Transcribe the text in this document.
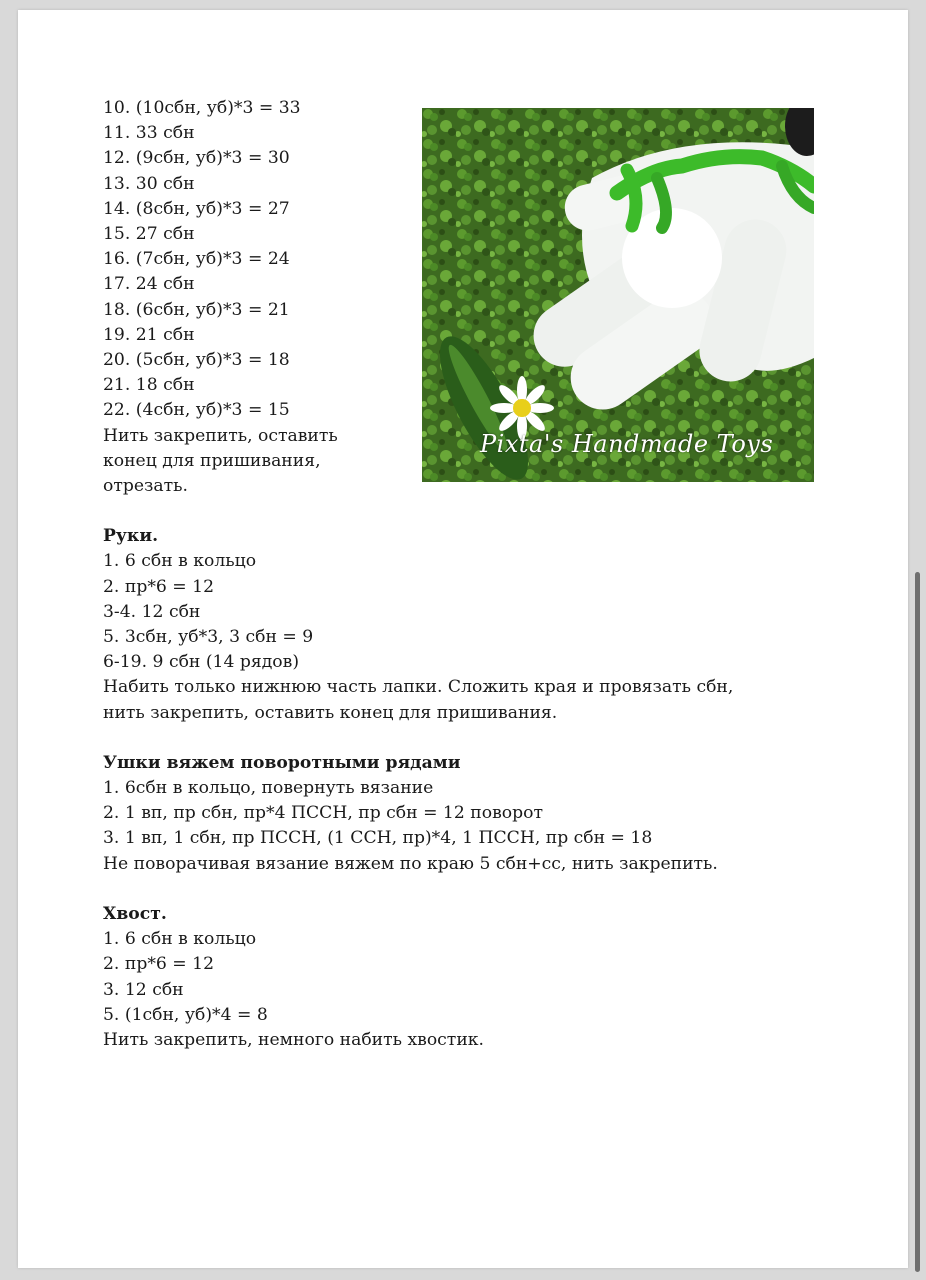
10. (10сбн, уб)*3 = 33
11. 33 сбн
12. (9сбн, уб)*3 = 30
13. 30 сбн
14. (8сбн, уб)*3 = 27
15. 27 сбн
16. (7сбн, уб)*3 = 24
17. 24 сбн
18. (6сбн, уб)*3 = 21
19. 21 сбн
20. (5сбн, уб)*3 = 18
21. 18 сбн
22. (4сбн, уб)*3 = 15
Нить закрепить, оставить
конец для пришивания,
отрезать.
Руки.
1. 6 сбн в кольцо
2. пр*6 = 12
3-4. 12 сбн
5. 3сбн, уб*3, 3 сбн = 9
6-19. 9 сбн (14 рядов)
Набить только нижнюю часть лапки. Сложить края и провязать сбн,
нить закрепить, оставить конец для пришивания.
Ушки вяжем поворотными рядами
1. 6сбн в кольцо, повернуть вязание
2. 1 вп, пр сбн, пр*4 ПССН, пр сбн = 12 поворот
3. 1 вп, 1 сбн, пр ПССН, (1 ССН, пр)*4, 1 ПССН, пр сбн = 18
Не поворачивая вязание вяжем по краю 5 сбн+сс, нить закрепить.
Хвост.
1. 6 сбн в кольцо
2. пр*6 = 12
3. 12 сбн
5. (1сбн, уб)*4 = 8
Нить закрепить, немного набить хвостик.
Pixta's Handmade Toys
